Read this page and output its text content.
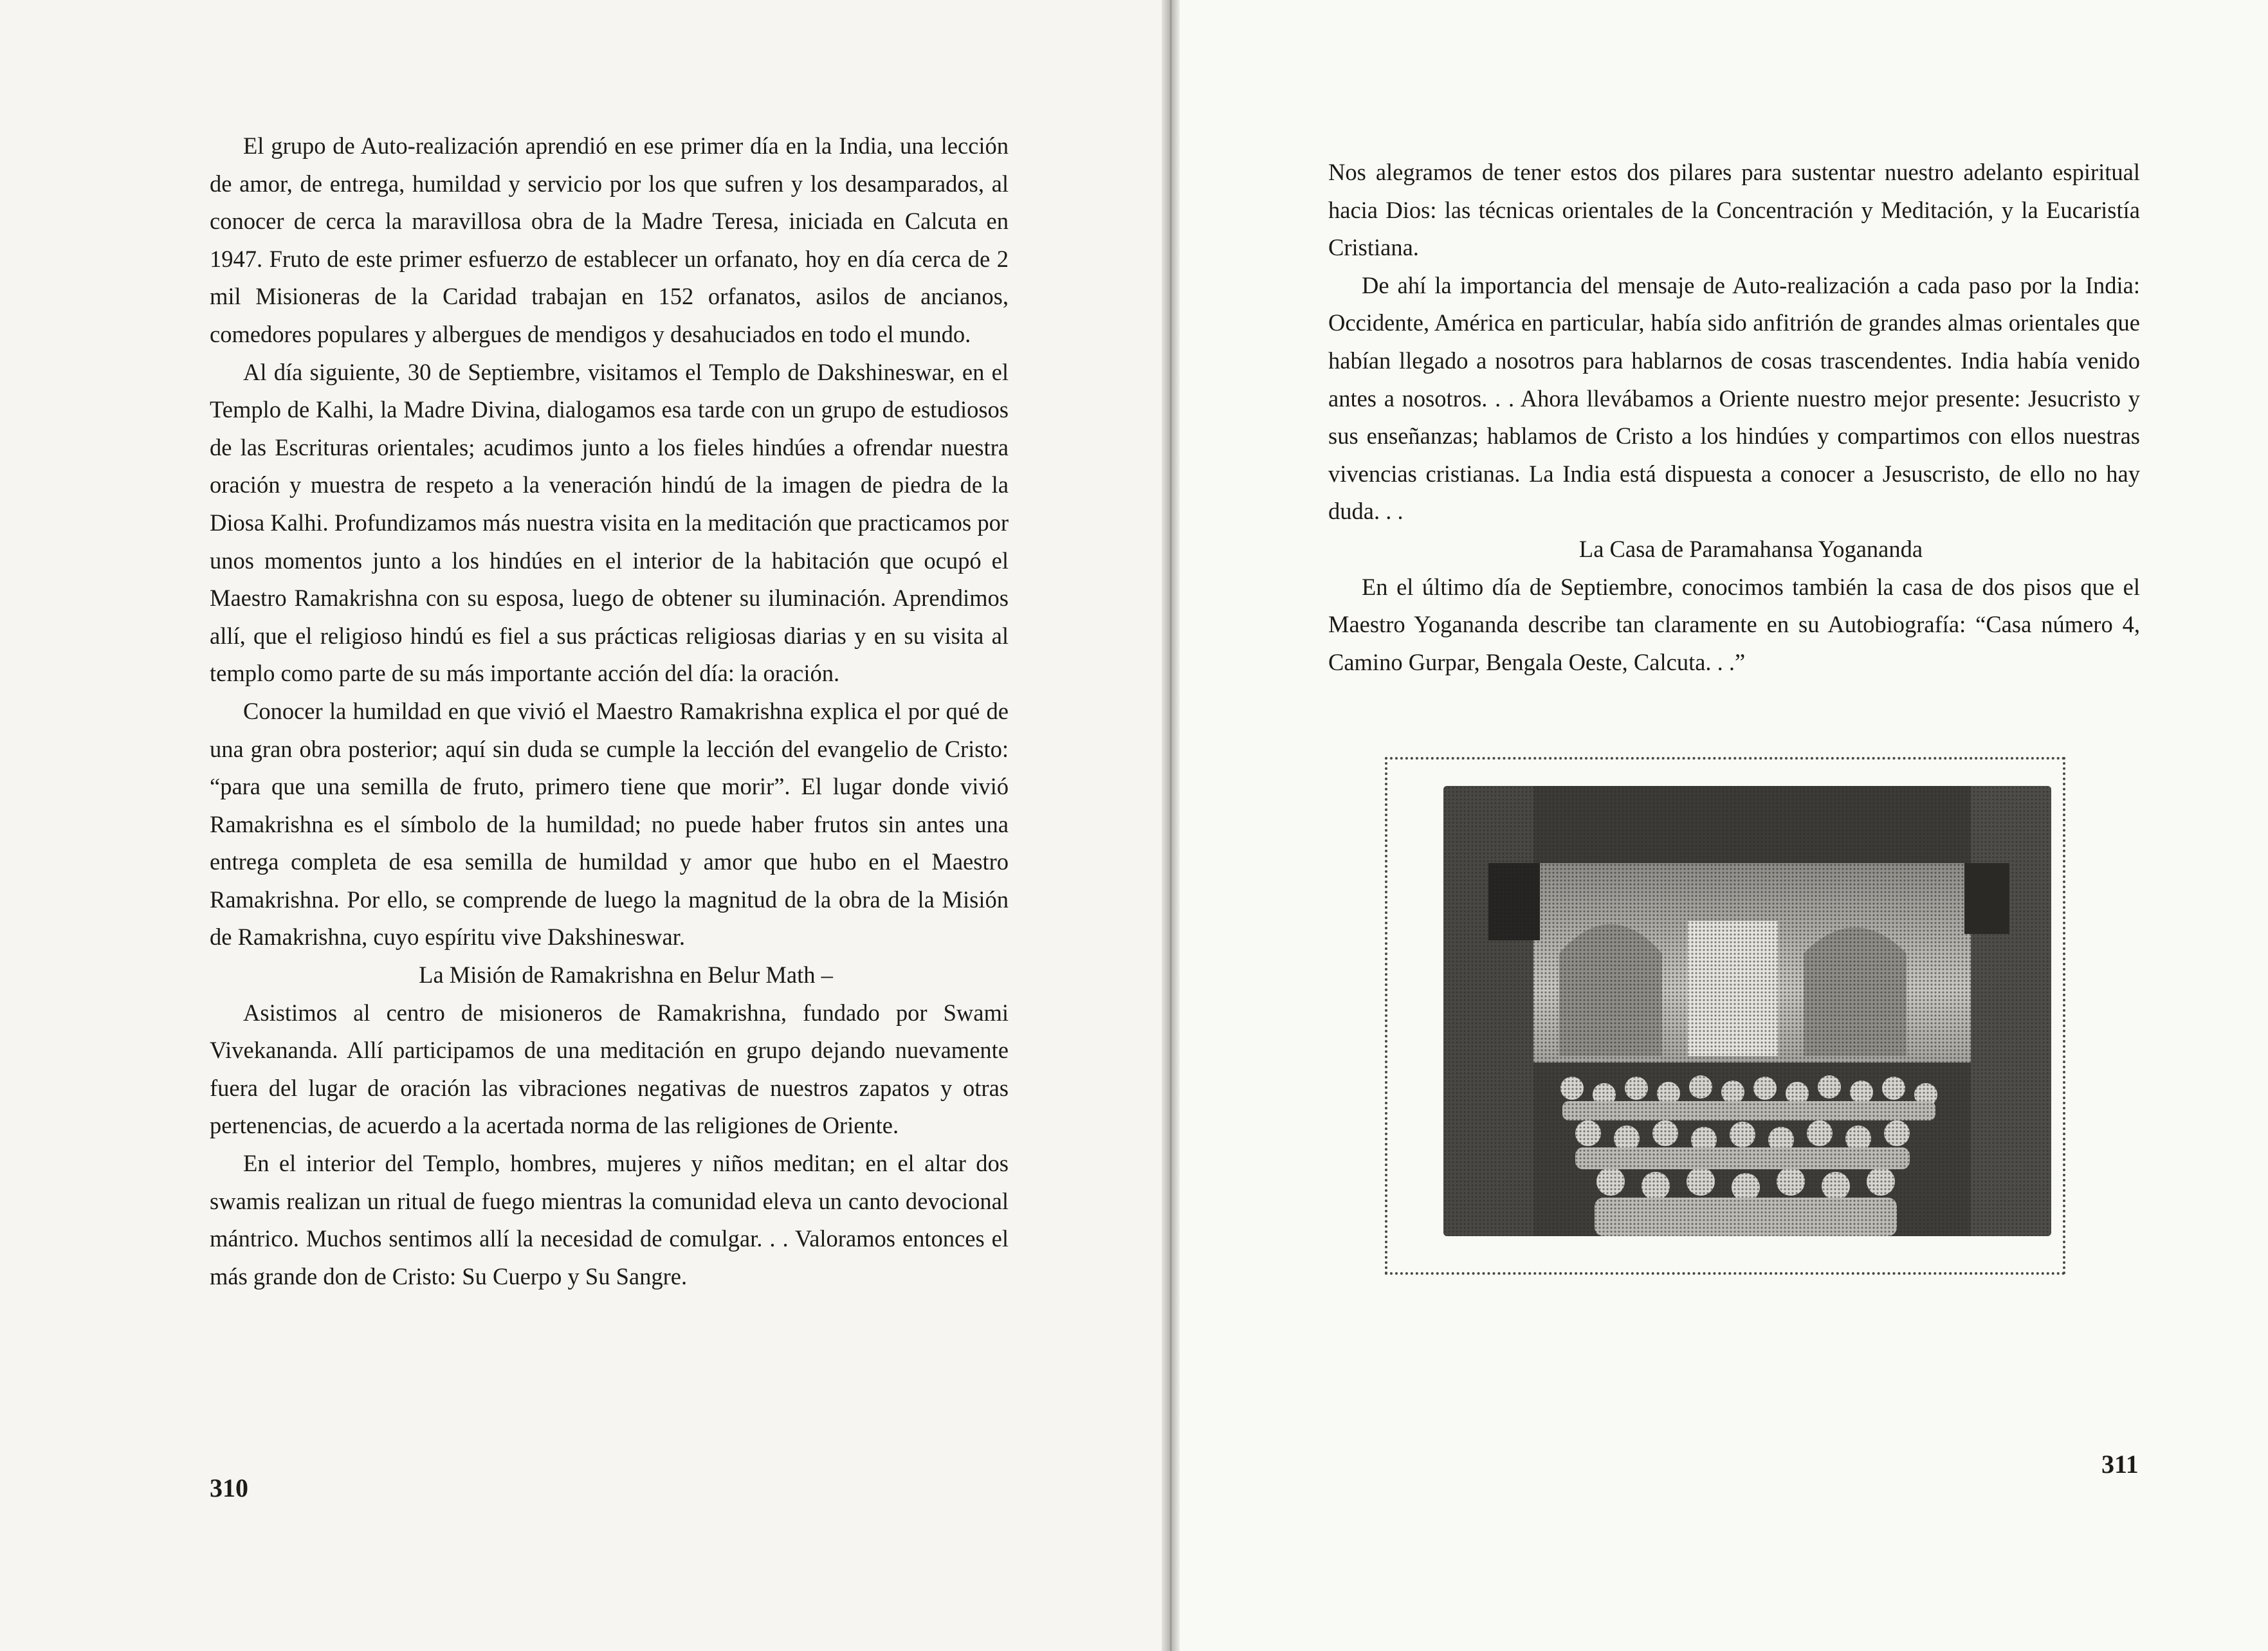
El grupo de Auto-realización aprendió en ese primer día en la India, una lección de amor, de entrega, humildad y servicio por los que sufren y los desamparados, al conocer de cerca la maravillosa obra de la Madre Teresa, iniciada en Calcuta en 1947. Fruto de este primer esfuerzo de establecer un orfanato, hoy en día cerca de 2 mil Misioneras de la Caridad trabajan en 152 orfanatos, asilos de ancianos, comedores populares y albergues de mendigos y desahuciados en todo el mundo.

Al día siguiente, 30 de Septiembre, visitamos el Templo de Dakshineswar, en el Templo de Kalhi, la Madre Divina, dialogamos esa tarde con un grupo de estudiosos de las Escrituras orientales; acudimos junto a los fieles hindúes a ofrendar nuestra oración y muestra de respeto a la veneración hindú de la imagen de piedra de la Diosa Kalhi. Profundizamos más nuestra visita en la meditación que practicamos por unos momentos junto a los hindúes en el interior de la habitación que ocupó el Maestro Ramakrishna con su esposa, luego de obtener su iluminación. Aprendimos allí, que el religioso hindú es fiel a sus prácticas religiosas diarias y en su visita al templo como parte de su más importante acción del día: la oración.

Conocer la humildad en que vivió el Maestro Ramakrishna explica el por qué de una gran obra posterior; aquí sin duda se cumple la lección del evangelio de Cristo: “para que una semilla de fruto, primero tiene que morir”. El lugar donde vivió Ramakrishna es el símbolo de la humildad; no puede haber frutos sin antes una entrega completa de esa semilla de humildad y amor que hubo en el Maestro Ramakrishna. Por ello, se comprende de luego la magnitud de la obra de la Misión de Ramakrishna, cuyo espíritu vive Dakshineswar.

La Misión de Ramakrishna en Belur Math –

Asistimos al centro de misioneros de Ramakrishna, fundado por Swami Vivekananda. Allí participamos de una meditación en grupo dejando nuevamente fuera del lugar de oración las vibraciones negativas de nuestros zapatos y otras pertenencias, de acuerdo a la acertada norma de las religiones de Oriente.

En el interior del Templo, hombres, mujeres y niños meditan; en el altar dos swamis realizan un ritual de fuego mientras la comunidad eleva un canto devocional mántrico. Muchos sentimos allí la necesidad de comulgar. . . Valoramos entonces el más grande don de Cristo: Su Cuerpo y Su Sangre.

310

Nos alegramos de tener estos dos pilares para sustentar nuestro adelanto espiritual hacia Dios: las técnicas orientales de la Concentración y Meditación, y la Eucaristía Cristiana.

De ahí la importancia del mensaje de Auto-realización a cada paso por la India: Occidente, América en particular, había sido anfitrión de grandes almas orientales que habían llegado a nosotros para hablarnos de cosas trascendentes. India había venido antes a nosotros. . . Ahora llevábamos a Oriente nuestro mejor presente: Jesucristo y sus enseñanzas; hablamos de Cristo a los hindúes y compartimos con ellos nuestras vivencias cristianas. La India está dispuesta a conocer a Jesuscristo, de ello no hay duda. . .

La Casa de Paramahansa Yogananda

En el último día de Septiembre, conocimos también la casa de dos pisos que el Maestro Yogananda describe tan claramente en su Autobiografía: “Casa número 4, Camino Gurpar, Bengala Oeste, Calcuta. . .”

311
